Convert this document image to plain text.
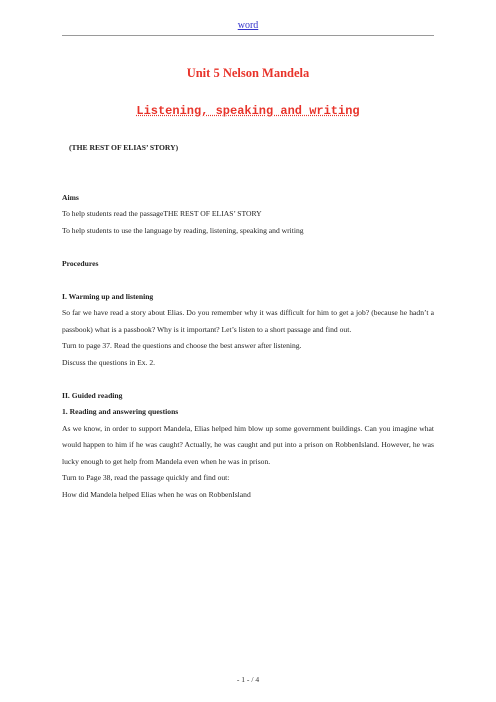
word
Unit 5 Nelson Mandela
Listening, speaking and writing

(THE REST OF ELIAS’ STORY)

Aims

To help students read the passageTHE REST OF ELIAS’ STORY

To help students to use the language by reading, listening, speaking and writing

Procedures

I. Warming up and listening

So far we have read a story about Elias. Do you remember why it was difficult for him to get a job? (because he hadn’t a passbook) what is a passbook? Why is it important? Let’s listen to a short passage and find out.

Turn to page 37. Read the questions and choose the best answer after listening.

Discuss the questions in Ex. 2.

II. Guided reading

1. Reading and answering questions

As we know, in order to support Mandela, Elias helped him blow up some government buildings. Can you imagine what would happen to him if he was caught? Actually, he was caught and put into a prison on RobbenIsland. However, he was lucky enough to get help from Mandela even when he was in prison.

Turn to Page 38, read the passage quickly and find out:

How did Mandela helped Elias when he was on RobbenIsland

- 1 - / 4
